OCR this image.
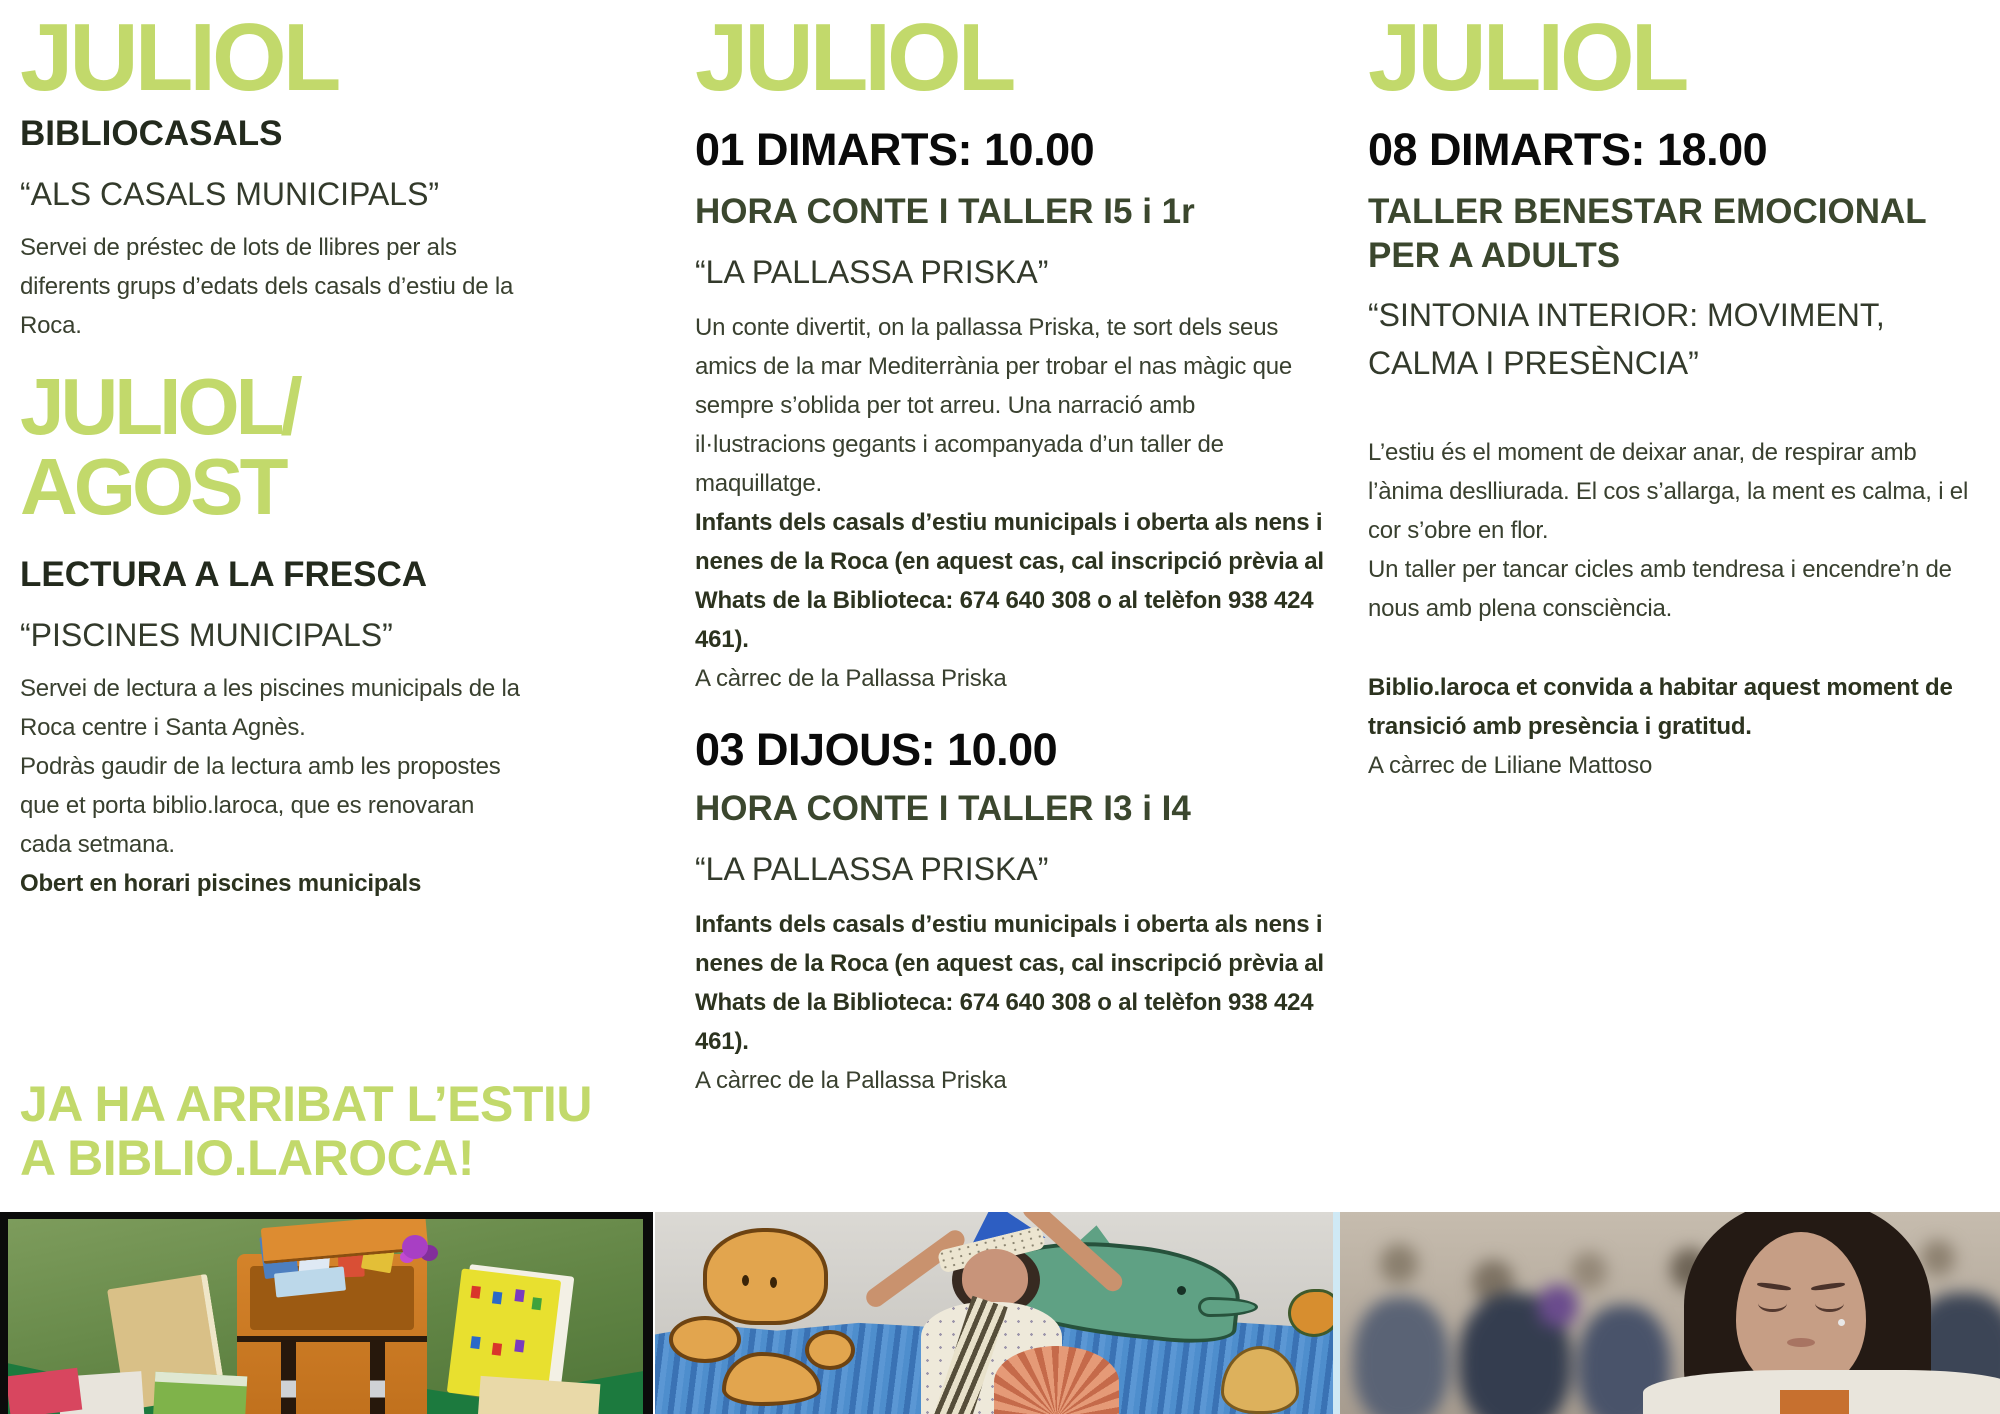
JULIOL
BIBLIOCASALS
“ALS CASALS MUNICIPALS”

Servei de préstec de lots de llibres per als diferents grups d’edats dels casals d’estiu de la Roca.

JULIOL/
AGOST
LECTURA A LA FRESCA
“PISCINES MUNICIPALS”

Servei de lectura a les piscines municipals de la Roca centre i Santa Agnès.

Podràs gaudir de la lectura amb les propostes que et porta biblio.laroca, que es renovaran cada setmana.

Obert en horari piscines municipals

JA HA ARRIBAT L’ESTIU
A BIBLIO.LAROCA!
JULIOL
01 DIMARTS: 10.00
HORA CONTE I TALLER I5 i 1r
“LA PALLASSA PRISKA”

Un conte divertit, on la pallassa Priska, te sort dels seus amics de la mar Mediterrània per trobar el nas màgic que sempre s’oblida per tot arreu. Una narració amb il·lustracions gegants i acompanyada d’un taller de maquillatge.

Infants dels casals d’estiu municipals i oberta als nens i nenes de la Roca (en aquest cas, cal inscripció prèvia al Whats de la Biblioteca: 674 640 308 o al telèfon 938 424 461).

A càrrec de la Pallassa Priska

03 DIJOUS: 10.00
HORA CONTE I TALLER I3 i I4
“LA PALLASSA PRISKA”

Infants dels casals d’estiu municipals i oberta als nens i nenes de la Roca (en aquest cas, cal inscripció prèvia al Whats de la Biblioteca: 674 640 308 o al telèfon 938 424 461).

A càrrec de la Pallassa Priska

JULIOL
08 DIMARTS: 18.00
TALLER BENESTAR EMOCIONAL PER A ADULTS
“SINTONIA INTERIOR: MOVIMENT, CALMA I PRESÈNCIA”

L’estiu és el moment de deixar anar, de respirar amb l’ànima deslliurada. El cos s’allarga, la ment es calma, i el cor s’obre en flor.

Un taller per tancar cicles amb tendresa i encendre’n de nous amb plena consciència.

Biblio.laroca et convida a habitar aquest moment de transició amb presència i gratitud.

A càrrec de Liliane Mattoso
